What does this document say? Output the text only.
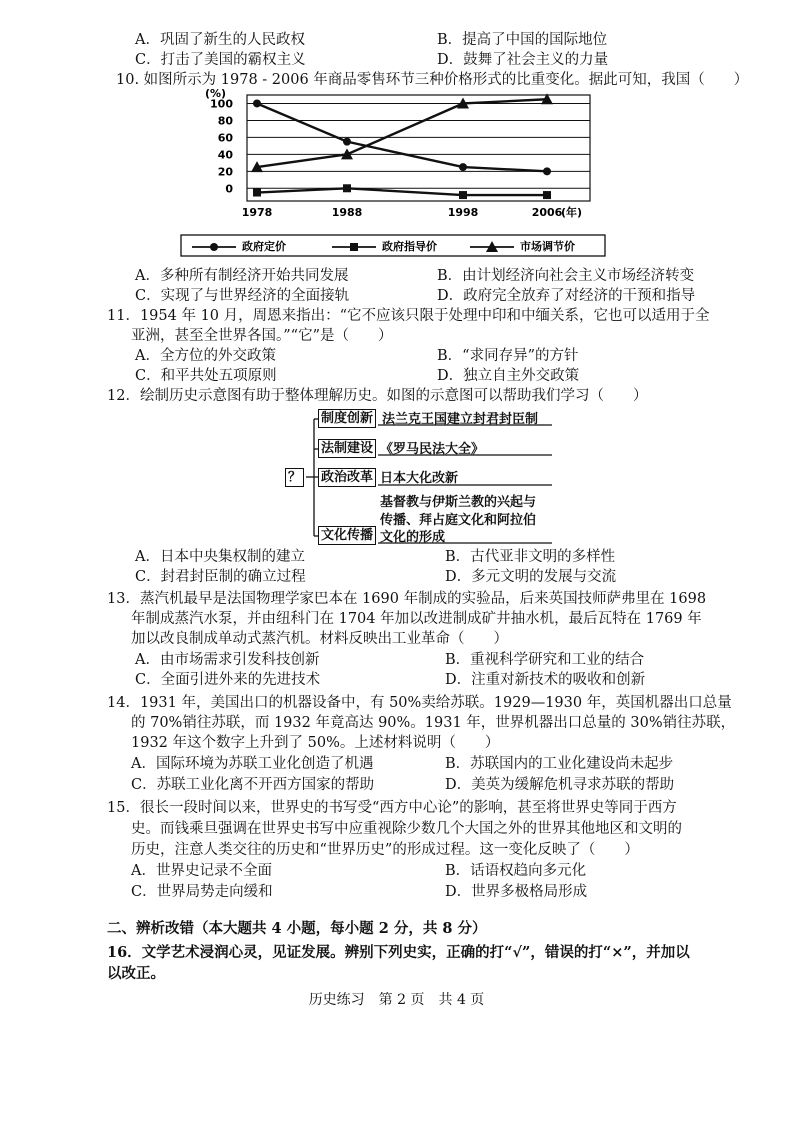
A．巩固了新生的人民政权	B．提高了中国的国际地位
C．打击了美国的霸权主义	D．鼓舞了社会主义的力量
10. 如图所示为 1978 - 2006 年商品零售环节三种价格形式的比重变化。据此可知，我国（　　）
100
80
60
40
20
0
1978	1988	1998	2006
(%)
(年)
政府定价	政府指导价	市场调节价
A．多种所有制经济开始共同发展	B．由计划经济向社会主义市场经济转变
C．实现了与世界经济的全面接轨	D．政府完全放弃了对经济的干预和指导
11．1954 年 10 月，周恩来指出：“它不应该只限于处理中印和中缅关系，它也可以适用于全
亚洲，甚至全世界各国。”“它”是（　　）
A．全方位的外交政策	B．“求同存异”的方针
C．和平共处五项原则	D．独立自主外交政策
12．绘制历史示意图有助于整体理解历史。如图的示意图可以帮助我们学习（　　）
？
制度创新 法兰克王国建立封君封臣制
法制建设 《罗马民法大全》
政治改革 日本大化改新
基督教与伊斯兰教的兴起与
传播、拜占庭文化和阿拉伯
文化传播 文化的形成
A．日本中央集权制的建立	B．古代亚非文明的多样性
C．封君封臣制的确立过程	D．多元文明的发展与交流
13．蒸汽机最早是法国物理学家巴本在 1690 年制成的实验品，后来英国技师萨弗里在 1698
年制成蒸汽水泵，并由纽科门在 1704 年加以改进制成矿井抽水机，最后瓦特在 1769 年
加以改良制成单动式蒸汽机。材料反映出工业革命（　　）
A．由市场需求引发科技创新	B．重视科学研究和工业的结合
C．全面引进外来的先进技术	D．注重对新技术的吸收和创新
14．1931 年，美国出口的机器设备中，有 50%卖给苏联。1929—1930 年，英国机器出口总量
的 70%销往苏联，而 1932 年竟高达 90%。1931 年，世界机器出口总量的 30%销往苏联，
1932 年这个数字上升到了 50%。上述材料说明（　　）
A．国际环境为苏联工业化创造了机遇	B．苏联国内的工业化建设尚未起步
C．苏联工业化离不开西方国家的帮助	D．美英为缓解危机寻求苏联的帮助
15．很长一段时间以来，世界史的书写受“西方中心论”的影响，甚至将世界史等同于西方
史。而钱乘旦强调在世界史书写中应重视除少数几个大国之外的世界其他地区和文明的
历史，注意人类交往的历史和“世界历史”的形成过程。这一变化反映了（　　）
A．世界史记录不全面	B．话语权趋向多元化
C．世界局势走向缓和	D．世界多极格局形成
二、辨析改错（本大题共 4 小题，每小题 2 分，共 8 分）
16．文学艺术浸润心灵，见证发展。辨别下列史实，正确的打“√”，错误的打“×”，并加以
以改正。
历史练习　第 2 页　共 4 页
